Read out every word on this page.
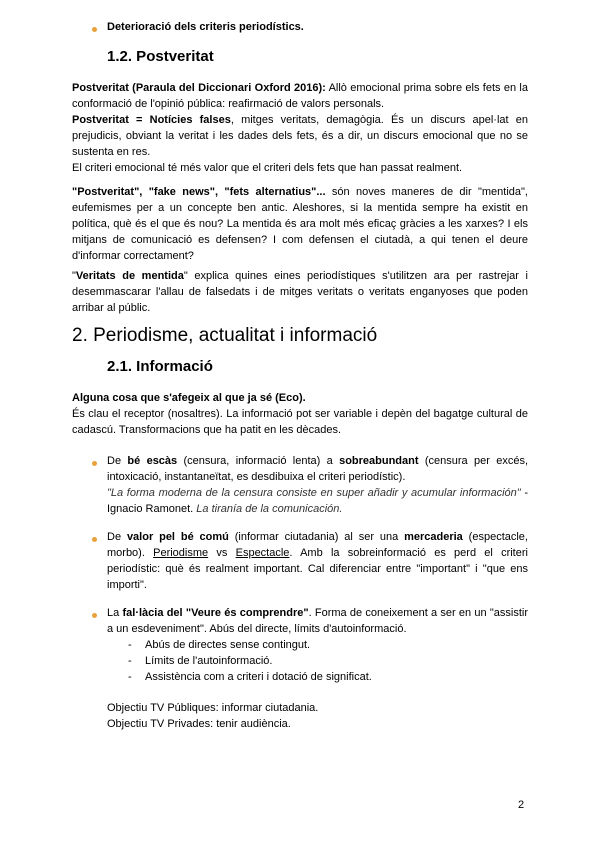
Deterioració dels criteris periodístics.

1.2. Postveritat

Postveritat (Paraula del Diccionari Oxford 2016): Allò emocional prima sobre els fets en la conformació de l'opinió pública: reafirmació de valors personals.

Postveritat = Notícies falses, mitges veritats, demagògia. És un discurs apel·lat en prejudicis, obviant la veritat i les dades dels fets, és a dir, un discurs emocional que no se sustenta en res.

El criteri emocional té més valor que el criteri dels fets que han passat realment.

"Postveritat", "fake news", "fets alternatius"... són noves maneres de dir "mentida", eufemismes per a un concepte ben antic. Aleshores, si la mentida sempre ha existit en política, què és el que és nou? La mentida és ara molt més eficaç gràcies a les xarxes? I els mitjans de comunicació es defensen? I com defensen el ciutadà, a qui tenen el deure d'informar correctament?

"Veritats de mentida" explica quines eines periodístiques s'utilitzen ara per rastrejar i desemmascarar l'allau de falsedats i de mitges veritats o veritats enganyoses que poden arribar al públic.

2. Periodisme, actualitat i informació
2.1. Informació

Alguna cosa que s'afegeix al que ja sé (Eco).

És clau el receptor (nosaltres). La informació pot ser variable i depèn del bagatge cultural de cadascú. Transformacions que ha patit en les dècades.

De bé escàs (censura, informació lenta) a sobreabundant (censura per excés, intoxicació, instantaneïtat, es desdibuixa el criteri periodístic).
"La forma moderna de la censura consiste en super añadir y acumular información" - Ignacio Ramonet. La tiranía de la comunicación.
De valor pel bé comú (informar ciutadania) al ser una mercaderia (espectacle, morbo). Periodisme vs Espectacle. Amb la sobreinformació es perd el criteri periodístic: què és realment important. Cal diferenciar entre "important" i "que ens importi".
La fal·làcia del "Veure és comprendre". Forma de coneixement a ser en un "assistir a un esdeveniment". Abús del directe, límits d'autoinformació.
- Abús de directes sense contingut.
- Límits de l'autoinformació.
- Assistència com a criteri i dotació de significat.

Objectiu TV Públiques: informar ciutadania.

Objectiu TV Privades: tenir audiència.

2
